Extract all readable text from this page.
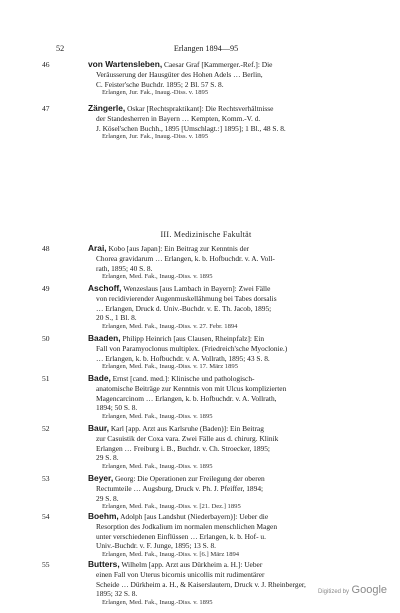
52	Erlangen 1894—95
46	von Wartensleben, Caesar Graf [Kammerger.-Ref.]: Die
Veräusserung der Hausgüter des Hohen Adels … Berlin,
C. Feister'sche Buchdr. 1895; 2 Bl. 57 S. 8.
Erlangen, Jur. Fak., Inaug.-Diss. v. 1895
47	Zängerle, Oskar [Rechtspraktikant]: Die Rechtsverhältnisse
der Standesherren in Bayern … Kempten, Komm.-V. d.
J. Kösel'schen Buchh., 1895 [Umschlagt.:] 1895]; 1 Bl., 48 S. 8.
Erlangen, Jur. Fak., Inaug.-Diss. v. 1895
III. Medizinische Fakultät
48	Arai, Kobo [aus Japan]: Ein Beitrag zur Kenntnis der
Chorea gravidarum … Erlangen, k. b. Hofbuchdr. v. A. Voll-
rath, 1895; 40 S. 8.
Erlangen, Med. Fak., Inaug.-Diss. v. 1895
49	Aschoff, Wenzeslaus [aus Lambach in Bayern]: Zwei Fälle
von recidivierender Augenmuskellähmung bei Tabes dorsalis
… Erlangen, Druck d. Univ.-Buchdr. v. E. Th. Jacob, 1895;
20 S., 1 Bl. 8.
Erlangen, Med. Fak., Inaug.-Diss. v. 27. Febr. 1894
50	Baaden, Philipp Heinrich [aus Clausen, Rheinpfalz]: Ein
Fall von Paramyoclonus multiplex. (Friedreich'sche Myoclonie.)
… Erlangen, k. b. Hofbuchdr. v. A. Vollrath, 1895; 43 S. 8.
Erlangen, Med. Fak., Inaug.-Diss. v. 17. März 1895
51	Bade, Ernst [cand. med.]: Klinische und pathologisch-
anatomische Beiträge zur Kenntnis von mit Ulcus komplizierten
Magencarcinom … Erlangen, k. b. Hofbuchdr. v. A. Vollrath,
1894; 50 S. 8.
Erlangen, Med. Fak., Inaug.-Diss. v. 1895
52	Baur, Karl [app. Arzt aus Karlsruhe (Baden)]: Ein Beitrag
zur Casuistik der Coxa vara. Zwei Fälle aus d. chirurg. Klinik
Erlangen … Freiburg i. B., Buchdr. v. Ch. Stroecker, 1895;
29 S. 8.
Erlangen, Med. Fak., Inaug.-Diss. v. 1895
53	Beyer, Georg: Die Operationen zur Freilegung der oberen
Rectumteile … Augsburg, Druck v. Ph. J. Pfeiffer, 1894;
29 S. 8.
Erlangen, Med. Fak., Inaug.-Diss. v. [21. Dez.] 1895
54	Boehm, Adolph [aus Landshut (Niederbayern)]: Ueber die
Resorption des Jodkalium im normalen menschlichen Magen
unter verschiedenen Einflüssen … Erlangen, k. b. Hof- u.
Univ.-Buchdr. v. F. Junge, 1895; 13 S. 8.
Erlangen, Med. Fak., Inaug.-Diss. v. [6.] März 1894
55	Butters, Wilhelm [app. Arzt aus Dürkheim a. H.]: Ueber
einen Fall von Uterus bicornis unicollis mit rudimentärer
Scheide … Dürkheim a. H., & Kaiserslautern, Druck v. J. Rheinberger,
1895; 32 S. 8.
Erlangen, Med. Fak., Inaug.-Diss. v. 1895
Digitized by Google
